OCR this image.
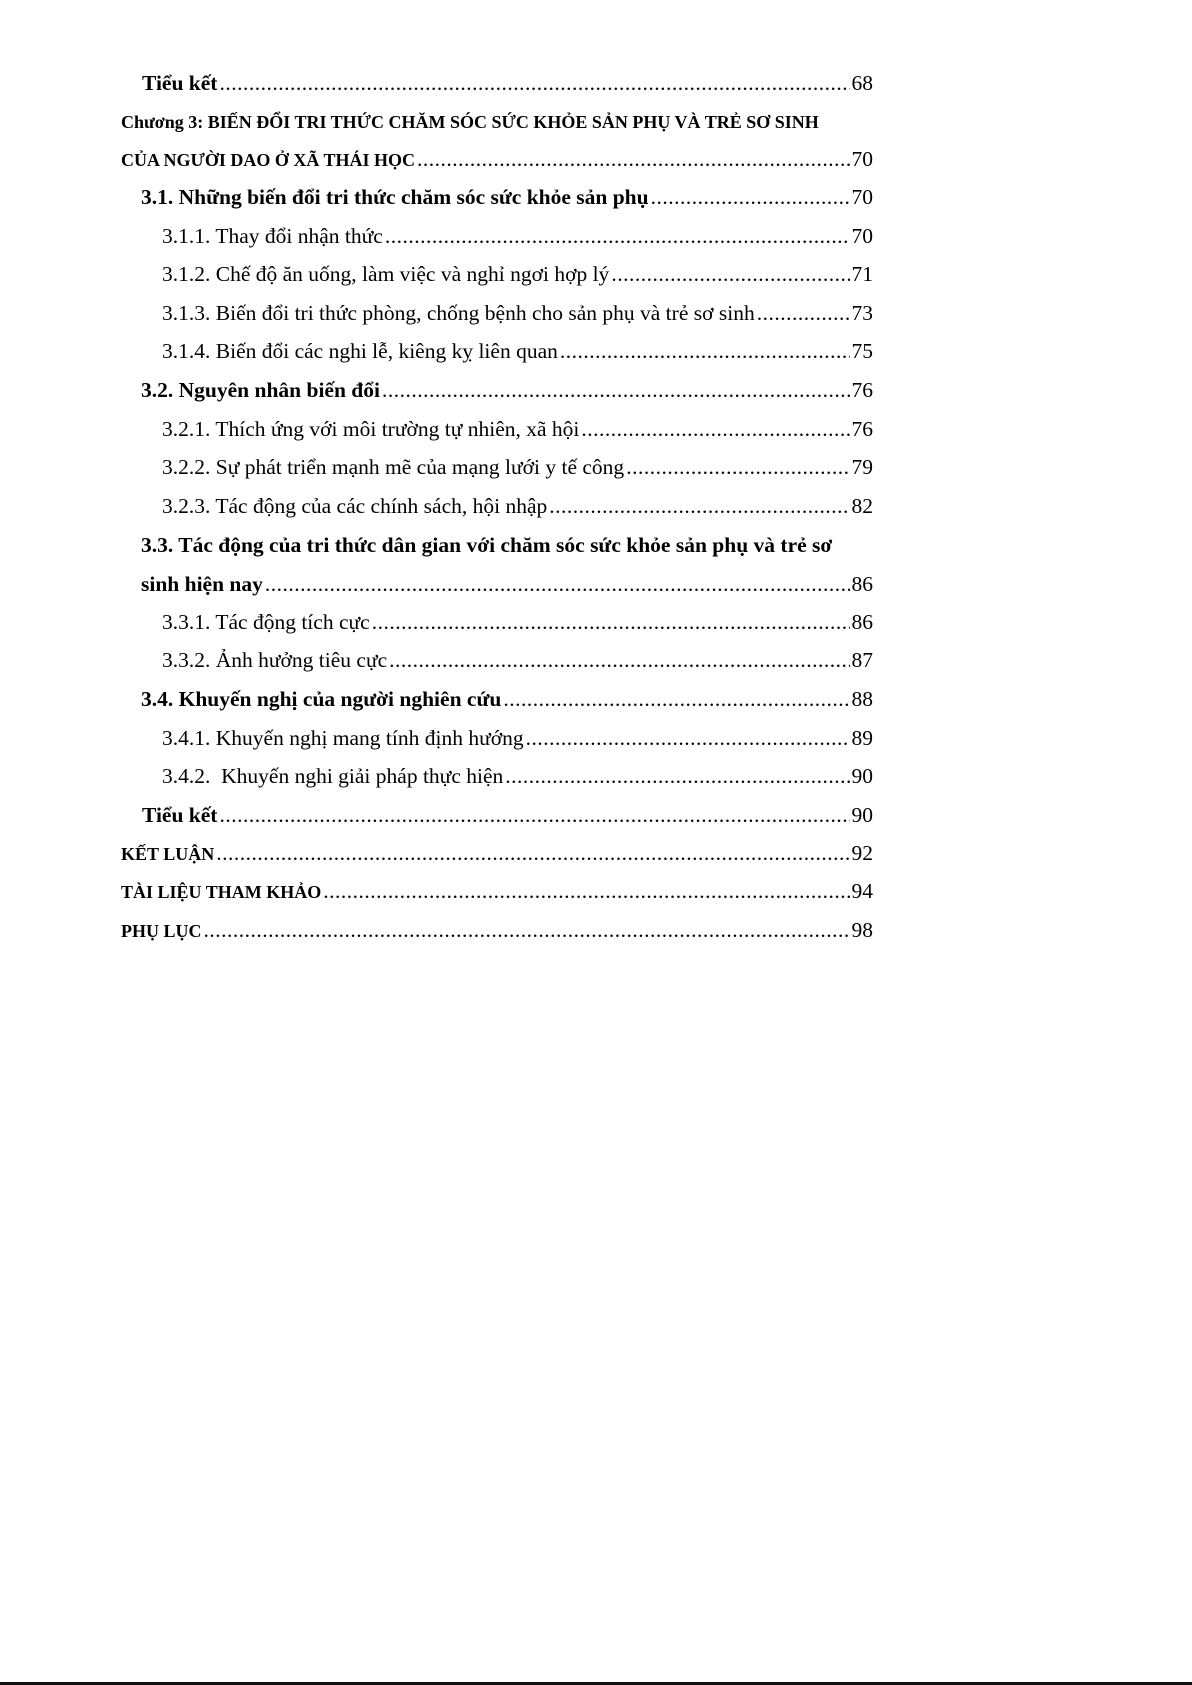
Tiểu kết .....	68
Chương 3: BIẾN ĐỔI TRI THỨC CHĂM SÓC SỨC KHỎE SẢN PHỤ VÀ TRẺ SƠ SINH
CỦA NGƯỜI DAO Ở XÃ THÁI HỌC .....	70
3.1. Những biến đổi tri thức chăm sóc sức khỏe sản phụ .....	70
3.1.1. Thay đổi nhận thức .....	70
3.1.2. Chế độ ăn uống, làm việc và nghỉ ngơi hợp lý .....	71
3.1.3. Biến đổi tri thức phòng, chống bệnh cho sản phụ và trẻ sơ sinh .....	73
3.1.4. Biến đổi các nghi lễ, kiêng kỵ liên quan .....	75
3.2. Nguyên nhân biến đổi .....	76
3.2.1. Thích ứng với môi trường tự nhiên, xã hội .....	76
3.2.2. Sự phát triển mạnh mẽ của mạng lưới y tế công .....	79
3.2.3. Tác động của các chính sách, hội nhập .....	82
3.3. Tác động của tri thức dân gian với chăm sóc sức khỏe sản phụ và trẻ sơ
sinh hiện nay .....	86
3.3.1. Tác động tích cực .....	86
3.3.2. Ảnh hưởng tiêu cực .....	87
3.4. Khuyến nghị của người nghiên cứu .....	88
3.4.1. Khuyến nghị mang tính định hướng .....	89
3.4.2.  Khuyến nghi giải pháp thực hiện .....	90
Tiểu kết .....	90
KẾT LUẬN .....	92
TÀI LIỆU THAM KHẢO .....	94
PHỤ LỤC .....	98
